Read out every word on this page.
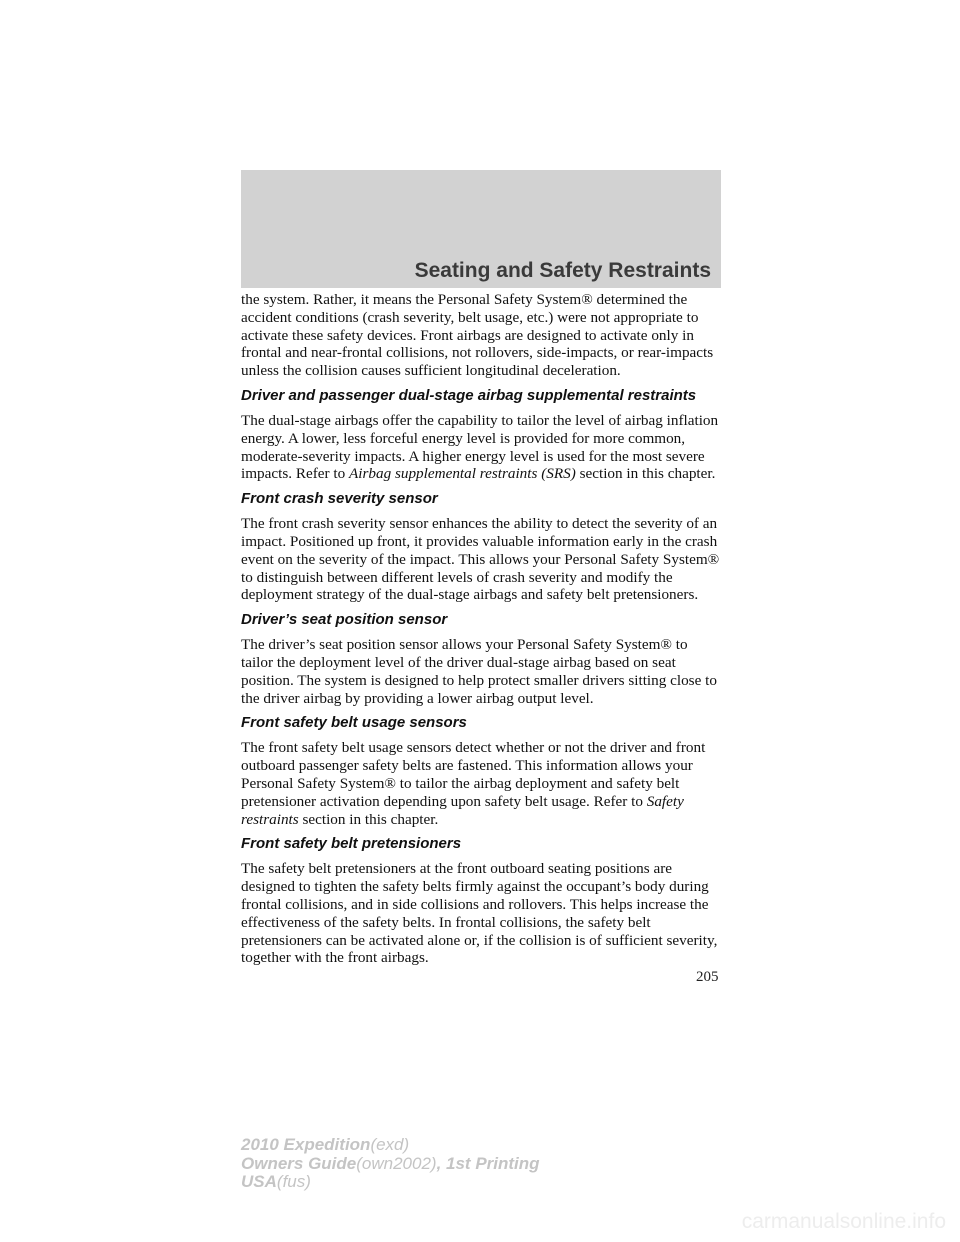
Seating and Safety Restraints

the system. Rather, it means the Personal Safety System® determined the accident conditions (crash severity, belt usage, etc.) were not appropriate to activate these safety devices. Front airbags are designed to activate only in frontal and near-frontal collisions, not rollovers, side-impacts, or rear-impacts unless the collision causes sufficient longitudinal deceleration.

Driver and passenger dual-stage airbag supplemental restraints

The dual-stage airbags offer the capability to tailor the level of airbag inflation energy. A lower, less forceful energy level is provided for more common, moderate-severity impacts. A higher energy level is used for the most severe impacts. Refer to Airbag supplemental restraints (SRS) section in this chapter.

Front crash severity sensor

The front crash severity sensor enhances the ability to detect the severity of an impact. Positioned up front, it provides valuable information early in the crash event on the severity of the impact. This allows your Personal Safety System® to distinguish between different levels of crash severity and modify the deployment strategy of the dual-stage airbags and safety belt pretensioners.

Driver’s seat position sensor

The driver’s seat position sensor allows your Personal Safety System® to tailor the deployment level of the driver dual-stage airbag based on seat position. The system is designed to help protect smaller drivers sitting close to the driver airbag by providing a lower airbag output level.

Front safety belt usage sensors

The front safety belt usage sensors detect whether or not the driver and front outboard passenger safety belts are fastened. This information allows your Personal Safety System® to tailor the airbag deployment and safety belt pretensioner activation depending upon safety belt usage. Refer to Safety restraints section in this chapter.

Front safety belt pretensioners

The safety belt pretensioners at the front outboard seating positions are designed to tighten the safety belts firmly against the occupant’s body during frontal collisions, and in side collisions and rollovers. This helps increase the effectiveness of the safety belts. In frontal collisions, the safety belt pretensioners can be activated alone or, if the collision is of sufficient severity, together with the front airbags.

205
2010 Expedition(exd)
Owners Guide(own2002), 1st Printing
USA(fus)
carmanualsonline.info
